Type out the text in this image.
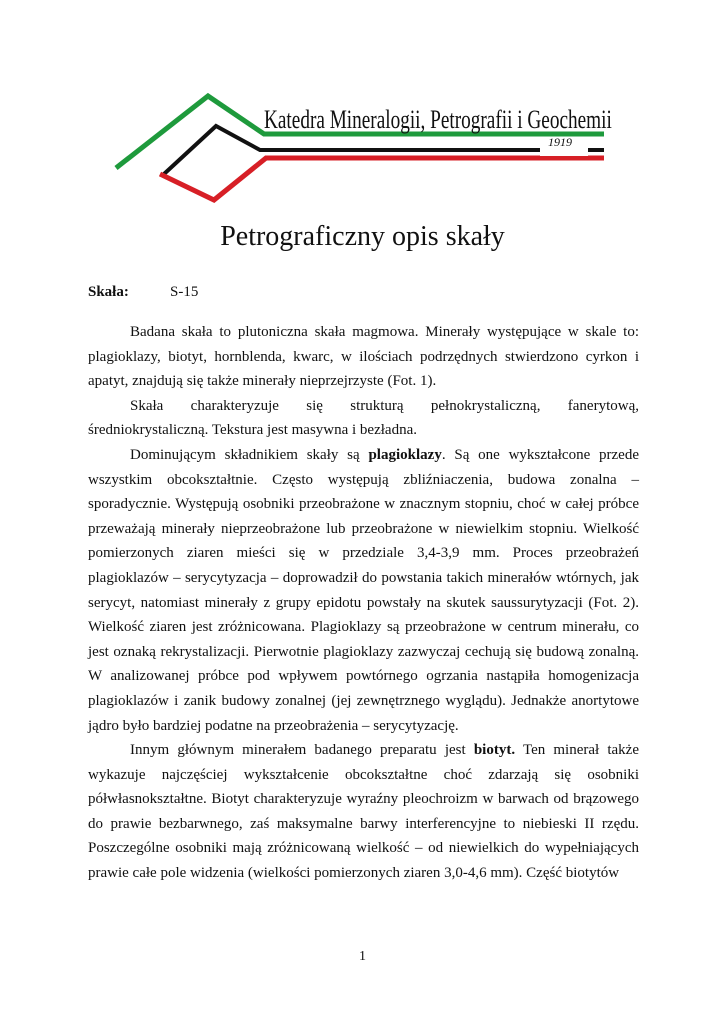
Katedra Mineralogii, Petrografii i Geochemii
1919
Petrograficzny opis skały
Skała:	S-15

Badana skała to plutoniczna skała magmowa. Minerały występujące w skale to: plagioklazy, biotyt, hornblenda, kwarc, w ilościach podrzędnych stwierdzono cyrkon i apatyt, znajdują się także minerały nieprzejrzyste (Fot. 1).

Skała charakteryzuje się strukturą pełnokrystaliczną, fanerytową, średniokrystaliczną. Tekstura jest masywna i bezładna.

Dominującym składnikiem skały są plagioklazy. Są one wykształcone przede wszystkim obcokształtnie. Często występują zbliźniaczenia, budowa zonalna – sporadycznie. Występują osobniki przeobrażone w znacznym stopniu, choć w całej próbce przeważają minerały nieprzeobrażone lub przeobrażone w niewielkim stopniu. Wielkość pomierzonych ziaren mieści się w przedziale 3,4-3,9 mm. Proces przeobrażeń plagioklazów – serycytyzacja – doprowadził do powstania takich minerałów wtórnych, jak serycyt, natomiast minerały z grupy epidotu powstały na skutek saussurytyzacji (Fot. 2). Wielkość ziaren jest zróżnicowana. Plagioklazy są przeobrażone w centrum minerału, co jest oznaką rekrystalizacji. Pierwotnie plagioklazy zazwyczaj cechują się budową zonalną. W analizowanej próbce pod wpływem powtórnego ogrzania nastąpiła homogenizacja plagioklazów i zanik budowy zonalnej (jej zewnętrznego wyglądu). Jednakże anortytowe jądro było bardziej podatne na przeobrażenia – serycytyzację.

Innym głównym minerałem badanego preparatu jest biotyt. Ten minerał także wykazuje najczęściej wykształcenie obcokształtne choć zdarzają się osobniki półwłasnokształtne. Biotyt charakteryzuje wyraźny pleochroizm w barwach od brązowego do prawie bezbarwnego, zaś maksymalne barwy interferencyjne to niebieski II rzędu. Poszczególne osobniki mają zróżnicowaną wielkość – od niewielkich do wypełniających prawie całe pole widzenia (wielkości pomierzonych ziaren 3,0-4,6 mm). Część biotytów

1
